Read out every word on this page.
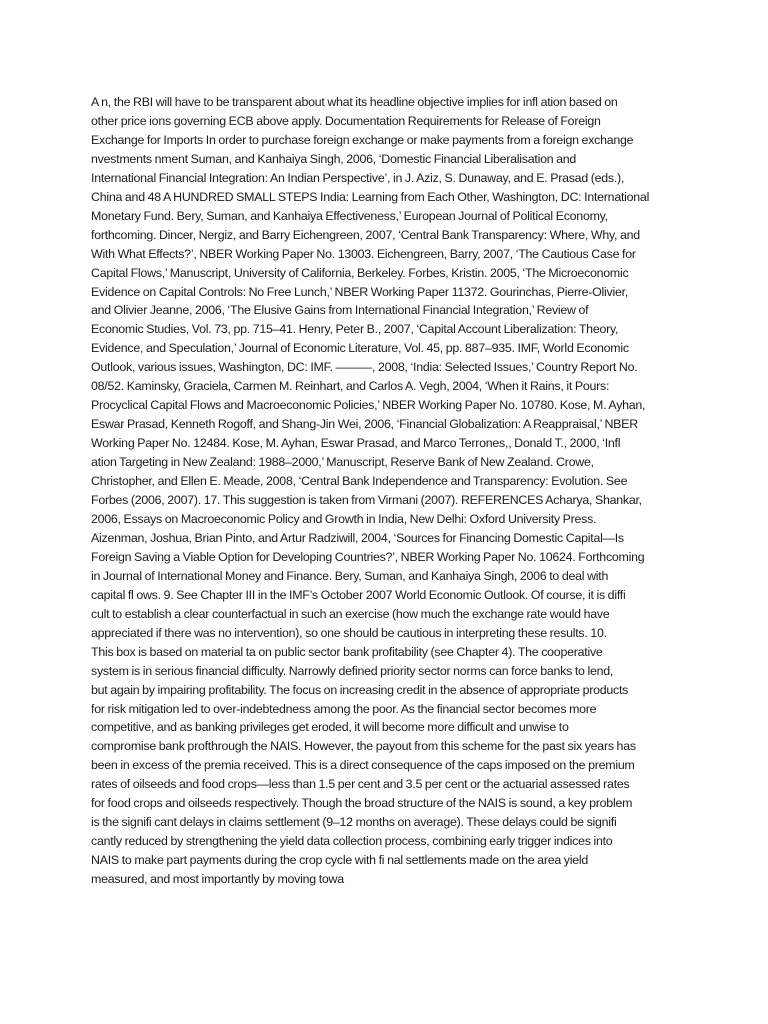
A n, the RBI will have to be transparent about what its headline objective implies for infl ation based on
other price ions governing ECB above apply. Documentation Requirements for Release of Foreign
Exchange for Imports In order to purchase foreign exchange or make payments from a foreign exchange
nvestments nment Suman, and Kanhaiya Singh, 2006, ‘Domestic Financial Liberalisation and
International Financial Integration: An Indian Perspective’, in J. Aziz, S. Dunaway, and E. Prasad (eds.),
China and 48 A HUNDRED SMALL STEPS India: Learning from Each Other, Washington, DC: International
Monetary Fund. Bery, Suman, and Kanhaiya Effectiveness,’ European Journal of Political Economy,
forthcoming. Dincer, Nergiz, and Barry Eichengreen, 2007, ‘Central Bank Transparency: Where, Why, and
With What Effects?’, NBER Working Paper No. 13003. Eichengreen, Barry, 2007, ‘The Cautious Case for
Capital Flows,’ Manuscript, University of California, Berkeley. Forbes, Kristin. 2005, ‘The Microeconomic
Evidence on Capital Controls: No Free Lunch,’ NBER Working Paper 11372. Gourinchas, Pierre-Olivier,
and Olivier Jeanne, 2006, ‘The Elusive Gains from International Financial Integration,’ Review of
Economic Studies, Vol. 73, pp. 715–41. Henry, Peter B., 2007, ‘Capital Account Liberalization: Theory,
Evidence, and Speculation,’ Journal of Economic Literature, Vol. 45, pp. 887–935. IMF, World Economic
Outlook, various issues, Washington, DC: IMF. ———, 2008, ‘India: Selected Issues,’ Country Report No.
08/52. Kaminsky, Graciela, Carmen M. Reinhart, and Carlos A. Vegh, 2004, ‘When it Rains, it Pours:
Procyclical Capital Flows and Macroeconomic Policies,’ NBER Working Paper No. 10780. Kose, M. Ayhan,
Eswar Prasad, Kenneth Rogoff, and Shang-Jin Wei, 2006, ‘Financial Globalization: A Reappraisal,’ NBER
Working Paper No. 12484. Kose, M. Ayhan, Eswar Prasad, and Marco Terrones,, Donald T., 2000, ‘Infl
ation Targeting in New Zealand: 1988–2000,’ Manuscript, Reserve Bank of New Zealand. Crowe,
Christopher, and Ellen E. Meade, 2008, ‘Central Bank Independence and Transparency: Evolution. See
Forbes (2006, 2007). 17. This suggestion is taken from Virmani (2007). REFERENCES Acharya, Shankar,
2006, Essays on Macroeconomic Policy and Growth in India, New Delhi: Oxford University Press.
Aizenman, Joshua, Brian Pinto, and Artur Radziwill, 2004, ‘Sources for Financing Domestic Capital—Is
Foreign Saving a Viable Option for Developing Countries?’, NBER Working Paper No. 10624. Forthcoming
in Journal of International Money and Finance. Bery, Suman, and Kanhaiya Singh, 2006 to deal with
capital fl ows. 9. See Chapter III in the IMF’s October 2007 World Economic Outlook. Of course, it is diffi
cult to establish a clear counterfactual in such an exercise (how much the exchange rate would have
appreciated if there was no intervention), so one should be cautious in interpreting these results. 10.
This box is based on material ta on public sector bank profitability (see Chapter 4). The cooperative
system is in serious financial difficulty. Narrowly defined priority sector norms can force banks to lend,
but again by impairing profitability. The focus on increasing credit in the absence of appropriate products
for risk mitigation led to over-indebtedness among the poor. As the financial sector becomes more
competitive, and as banking privileges get eroded, it will become more difficult and unwise to
compromise bank profthrough the NAIS. However, the payout from this scheme for the past six years has
been in excess of the premia received. This is a direct consequence of the caps imposed on the premium
rates of oilseeds and food crops—less than 1.5 per cent and 3.5 per cent or the actuarial assessed rates
for food crops and oilseeds respectively. Though the broad structure of the NAIS is sound, a key problem
is the signifi cant delays in claims settlement (9–12 months on average). These delays could be signifi
cantly reduced by strengthening the yield data collection process, combining early trigger indices into
NAIS to make part payments during the crop cycle with fi nal settlements made on the area yield
measured, and most importantly by moving towa
